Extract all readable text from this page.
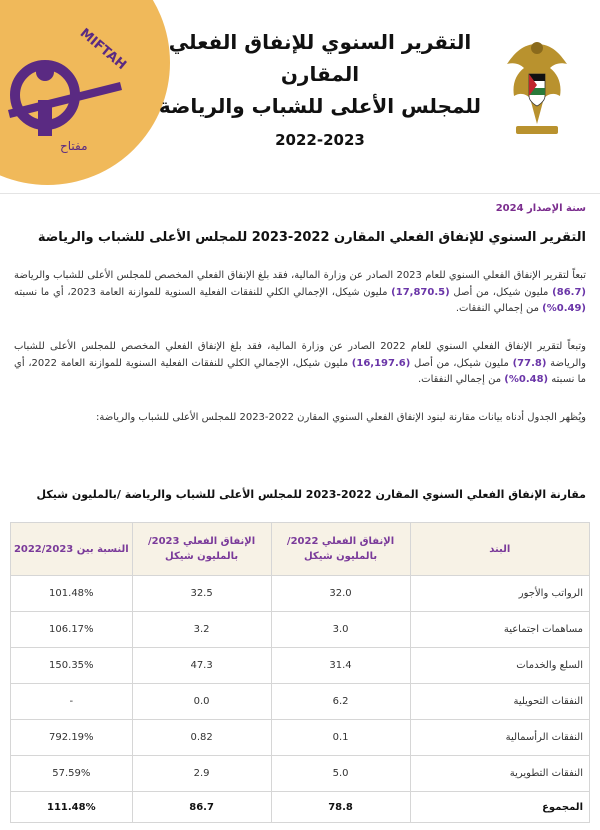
MIFTAH
مفتاح
التقرير السنوي للإنفاق الفعلي المقارن
للمجلس الأعلى للشباب والرياضة
2022-2023
سنة الإصدار 2024
التقرير السنوي للإنفاق الفعلي المقارن 2022-2023 للمجلس الأعلى للشباب والرياضة
تبعاً لتقرير الإنفاق الفعلي السنوي للعام 2023 الصادر عن وزارة المالية، فقد بلغ الإنفاق الفعلي المخصص للمجلس الأعلى للشباب والرياضة (86.7) مليون شيكل، من أصل (17,870.5) مليون شيكل، الإجمالي الكلي للنفقات الفعلية السنوية للموازنة العامة 2023، أي ما نسبته (0.49%) من إجمالي النفقات.
وتبعاً لتقرير الإنفاق الفعلي السنوي للعام 2022 الصادر عن وزارة المالية، فقد بلغ الإنفاق الفعلي المخصص للمجلس الأعلى للشباب والرياضة (77.8) مليون شيكل، من أصل (16,197.6) مليون شيكل، الإجمالي الكلي للنفقات الفعلية السنوية للموازنة العامة 2022، أي ما نسبته (0.48%) من إجمالي النفقات.
ويُظهر الجدول أدناه بيانات مقارنة لبنود الإنفاق الفعلي السنوي المقارن 2022-2023 للمجلس الأعلى للشباب والرياضة:
مقارنة الإنفاق الفعلي السنوي المقارن 2022-2023 للمجلس الأعلى للشباب والرياضة /بالمليون شيكل
البند	الإنفاق الفعلي 2022/ بالمليون شيكل	الإنفاق الفعلي 2023/ بالمليون شيكل	النسبة بين 2022/2023
الرواتب والأجور	32.0	32.5	101.48%
مساهمات اجتماعية	3.0	3.2	106.17%
السلع والخدمات	31.4	47.3	150.35%
النفقات التحويلية	6.2	0.0	-
النفقات الرأسمالية	0.1	0.82	792.19%
النفقات التطويرية	5.0	2.9	57.59%
المجموع	78.8	86.7	111.48%
